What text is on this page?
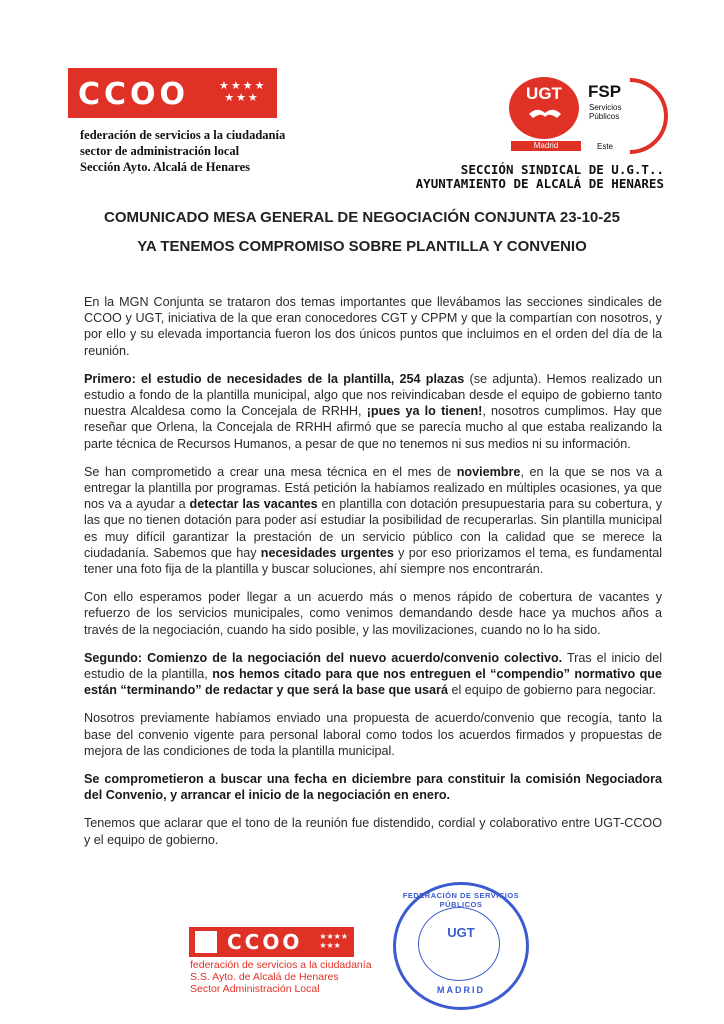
CCOO	★★★★ ★★★
federación de servicios a la ciudadanía
sector de administración local
Sección Ayto. Alcalá de Henares
UGT
Madrid
FSP
Servicios
Públicos
Este
SECCIÓN SINDICAL DE U.G.T..
AYUNTAMIENTO DE ALCALÁ DE HENARES
COMUNICADO MESA GENERAL DE NEGOCIACIÓN CONJUNTA 23-10-25
YA TENEMOS COMPROMISO SOBRE PLANTILLA Y CONVENIO

En la MGN Conjunta se trataron dos temas importantes que llevábamos las secciones sindicales de CCOO y UGT, iniciativa de la que eran conocedores CGT y CPPM y que la compartían con nosotros, y por ello y su elevada importancia fueron los dos únicos puntos que incluimos en el orden del día de la reunión.

Primero: el estudio de necesidades de la plantilla, 254 plazas (se adjunta). Hemos realizado un estudio a fondo de la plantilla municipal, algo que nos reivindicaban desde el equipo de gobierno tanto nuestra Alcaldesa como la Concejala de RRHH, ¡pues ya lo tienen!, nosotros cumplimos. Hay que reseñar que Orlena, la Concejala de RRHH afirmó que se parecía mucho al que estaba realizando la parte técnica de Recursos Humanos, a pesar de que no tenemos ni sus medios ni su información.

Se han comprometido a crear una mesa técnica en el mes de noviembre, en la que se nos va a entregar la plantilla por programas. Está petición la habíamos realizado en múltiples ocasiones, ya que nos va a ayudar a detectar las vacantes en plantilla con dotación presupuestaria para su cobertura, y las que no tienen dotación para poder así estudiar la posibilidad de recuperarlas. Sin plantilla municipal es muy difícil garantizar la prestación de un servicio público con la calidad que se merece la ciudadanía. Sabemos que hay necesidades urgentes y por eso priorizamos el tema, es fundamental tener una foto fija de la plantilla y buscar soluciones, ahí siempre nos encontrarán.

Con ello esperamos poder llegar a un acuerdo más o menos rápido de cobertura de vacantes y refuerzo de los servicios municipales, como venimos demandando desde hace ya muchos años a través de la negociación, cuando ha sido posible, y las movilizaciones, cuando no lo ha sido.

Segundo: Comienzo de la negociación del nuevo acuerdo/convenio colectivo. Tras el inicio del estudio de la plantilla, nos hemos citado para que nos entreguen el “compendio” normativo que están “terminando” de redactar y que será la base que usará el equipo de gobierno para negociar.

Nosotros previamente habíamos enviado una propuesta de acuerdo/convenio que recogía, tanto la base del convenio vigente para personal laboral como todos los acuerdos firmados y propuestas de mejora de las condiciones de toda la plantilla municipal.

Se comprometieron a buscar una fecha en diciembre para constituir la comisión Negociadora del Convenio, y arrancar el inicio de la negociación en enero.

Tenemos que aclarar que el tono de la reunión fue distendido, cordial y colaborativo entre UGT-CCOO y el equipo de gobierno.

CCOO ★★★★
★★★
federación de servicios a la ciudadanía
S.S. Ayto. de Alcalá de Henares
Sector Administración Local
FEDERACIÓN DE SERVICIOS PÚBLICOS
UGT
MADRID
